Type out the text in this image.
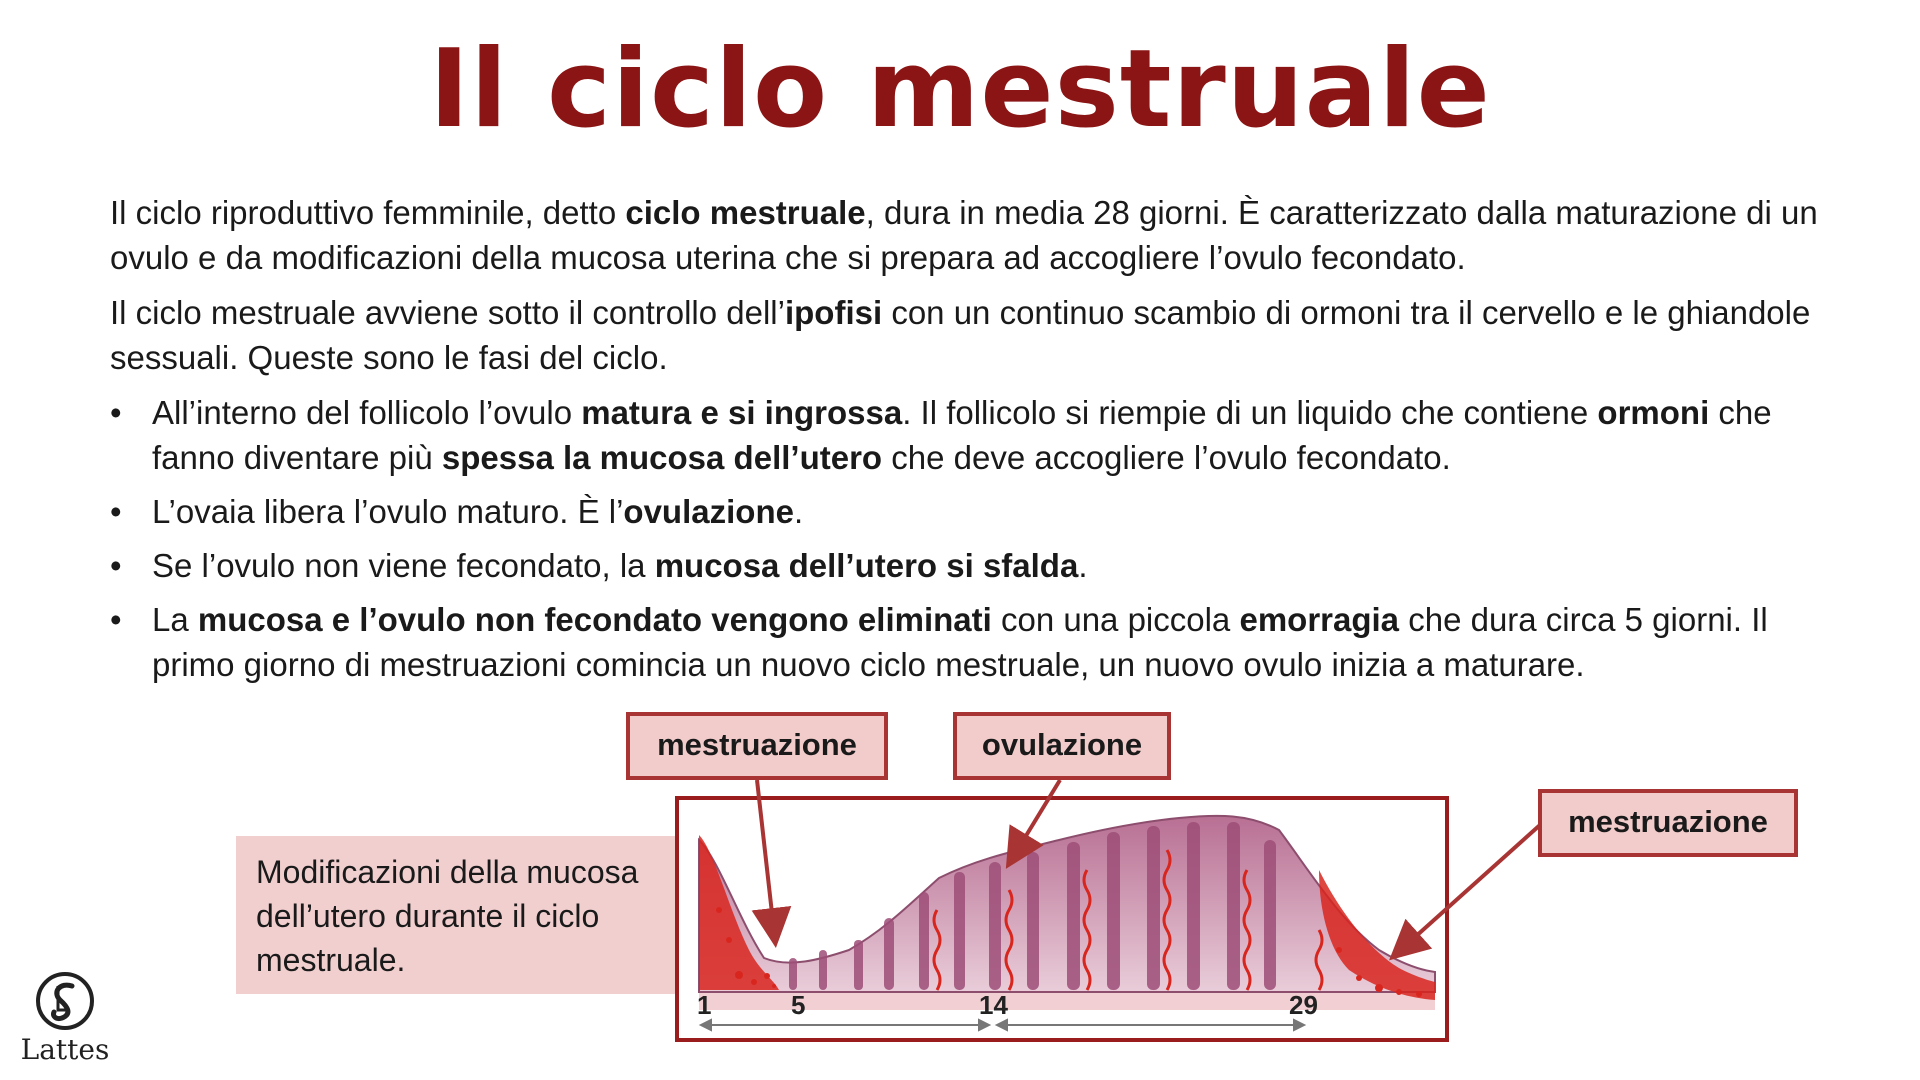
Il ciclo mestruale

Il ciclo riproduttivo femminile, detto ciclo mestruale, dura in media 28 giorni. È caratterizzato dalla maturazione di un ovulo e da modificazioni della mucosa uterina che si prepara ad accogliere l’ovulo fecondato.

Il ciclo mestruale avviene sotto il controllo dell’ipofisi con un continuo scambio di ormoni tra il cervello e le ghiandole sessuali. Queste sono le fasi del ciclo.

• All’interno del follicolo l’ovulo matura e si ingrossa. Il follicolo si riempie di un liquido che contiene ormoni che fanno diventare più spessa la mucosa dell’utero che deve accogliere l’ovulo fecondato.
• L’ovaia libera l’ovulo maturo. È l’ovulazione.
• Se l’ovulo non viene fecondato, la mucosa dell’utero si sfalda.
• La mucosa e l’ovulo non fecondato vengono eliminati con una piccola emorragia che dura circa 5 giorni. Il primo giorno di mestruazioni comincia un nuovo ciclo mestruale, un nuovo ovulo inizia a maturare.
Modificazioni della mucosa dell’utero durante il ciclo mestruale.
mestruazione	ovulazione
mestruazione
1	5	14	29
Lattes
